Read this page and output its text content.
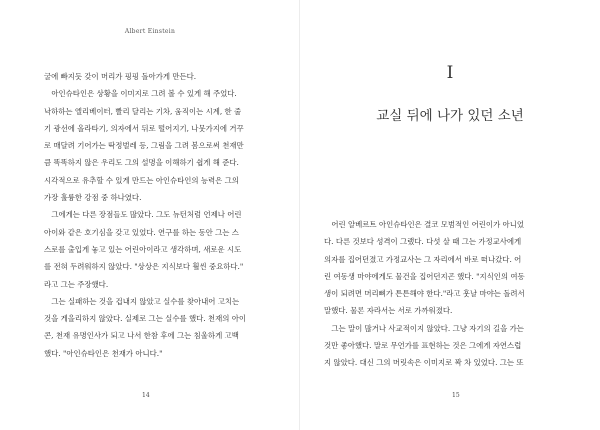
Albert Einstein

굴에 빠지듯 갖이 머리가 핑핑 돌아가게 만든다.

　아인슈타인은 상황을 이미지로 그려 볼 수 있게 해 주었다.

낙하하는 엘리베이터, 빨리 달리는 기차, 움직이는 시계, 한 줄

기 광선에 올라타기, 의자에서 뒤로 떨어지기, 나뭇가지에 거꾸

로 매달려 기어가는 딱정벌레 등, 그림을 그려 봄으로써 천재만

큼 똑똑하지 않은 우리도 그의 설명을 이해하기 쉽게 해 준다.

시각적으로 유추할 수 있게 만드는 아인슈타인의 능력은 그의

가장 훌륭한 강점 중 하나였다.

　그에게는 다른 장점들도 많았다. 그도 뉴턴처럼 언제나 어린

아이와 같은 호기심을 갖고 있었다. 연구를 하는 동안 그는 스

스로를 출입게 놓고 있는 어린아이라고 생각하며, 새로운 시도

를 전혀 두려워하지 않았다. "상상은 지식보다 훨씬 중요하다."

라고 그는 주장했다.

　그는 실패하는 것을 겁내지 않았고 실수를 찾아내어 고치는

것을 게을리하지 않았다. 실제로 그는 실수를 했다. 천재의 아이

콘, 천재 유명인사가 되고 나서 한참 후에 그는 침울하게 고백

했다. "아인슈타인은 천재가 아니다."

14
I
교실 뒤에 나가 있던 소년

　어린 알베르트 아인슈타인은 결코 모범적인 어린이가 아니었

다. 다른 것보다 성격이 그랬다. 다섯 살 때 그는 가정교사에게

의자를 집어던졌고 가정교사는 그 자리에서 바로 떠나갔다. 어

린 여동생 마야에게도 물건을 집어던지곤 했다. "지식인의 여동

생이 되려면 머리뼈가 튼튼해야 한다."라고 훗날 마야는 돌려서

말했다. 물론 자라서는 서로 가까워졌다.

　그는 말이 많거나 사교적이지 않았다. 그냥 자기의 길을 가는

것만 좋아했다. 말로 무언가를 표현하는 것은 그에게 자연스럽

지 않았다. 대신 그의 머릿속은 이미지로 꽉 차 있었다. 그는 또

15
